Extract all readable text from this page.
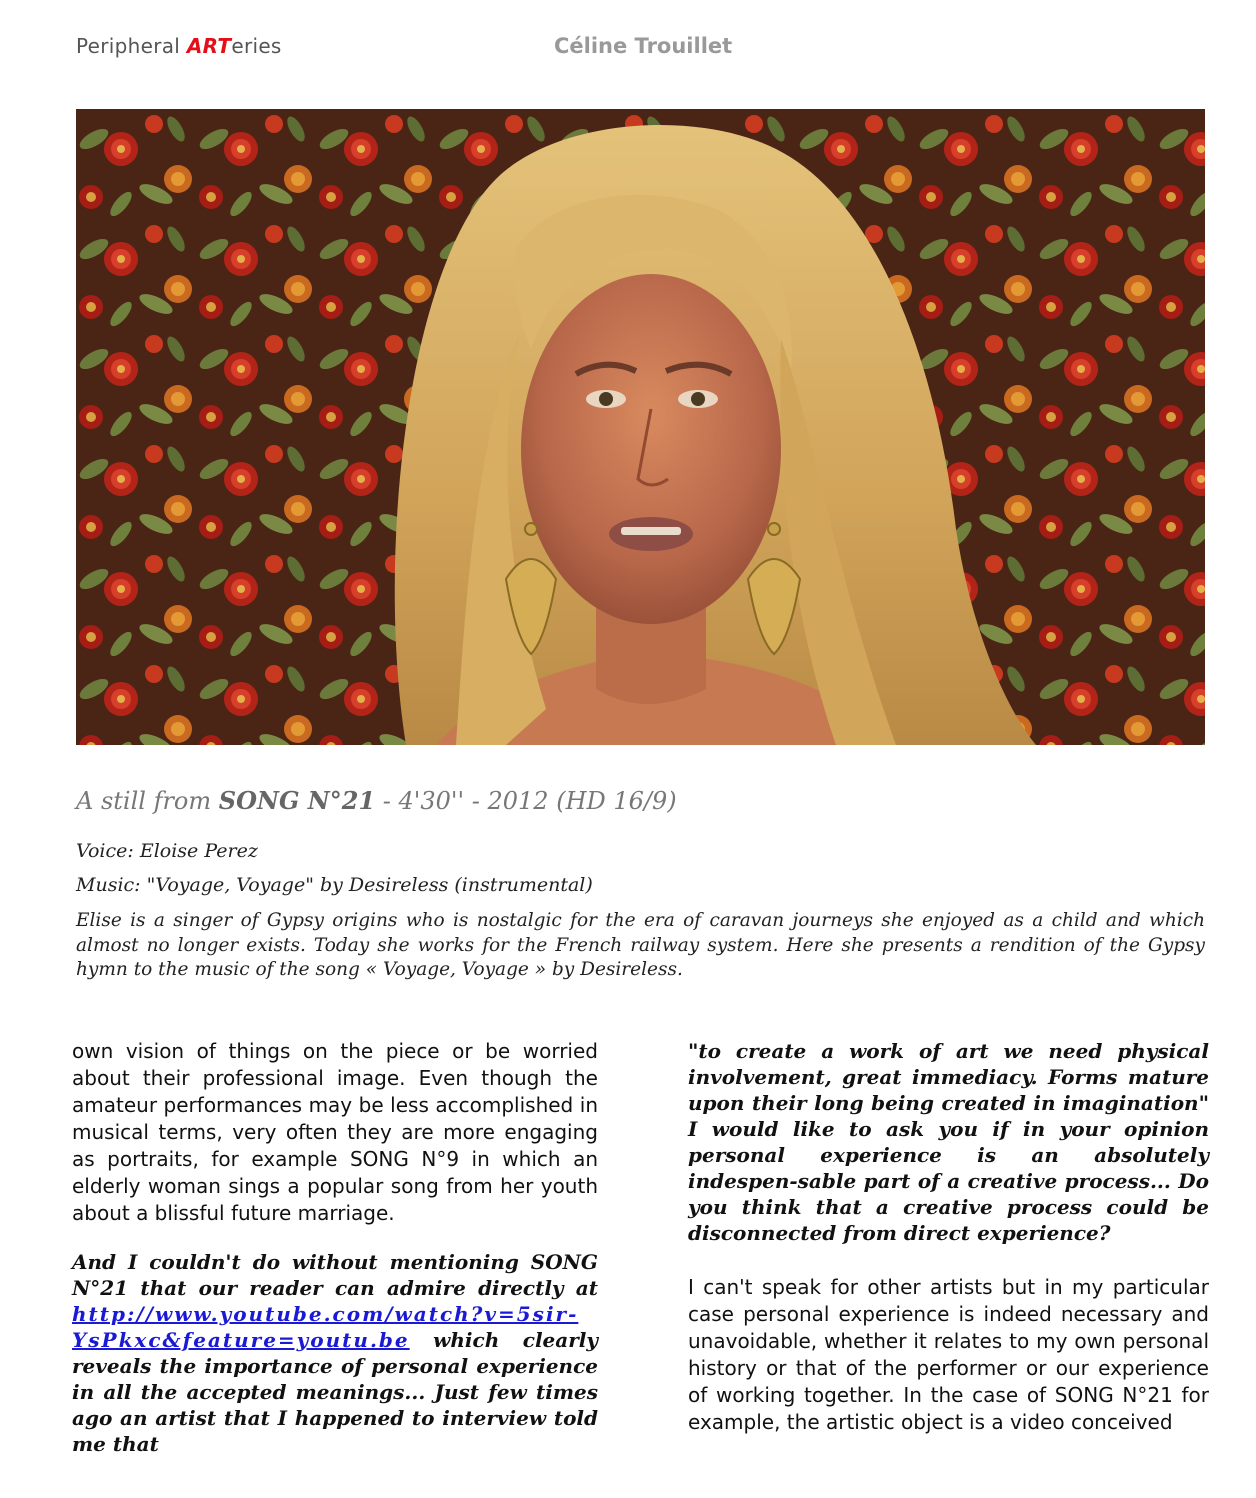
Peripheral ARTeries	Céline Trouillet
A still from SONG N°21 - 4'30'' - 2012 (HD 16/9)
Voice: Eloise Perez
Music: "Voyage, Voyage" by Desireless (instrumental)
Elise is a singer of Gypsy origins who is nostalgic for the era of caravan journeys she enjoyed as a child and which almost no longer exists. Today she works for the French railway system. Here she presents a rendition of the Gypsy hymn to the music of the song « Voyage, Voyage » by Desireless.

own vision of things on the piece or be worried about their professional image. Even though the amateur performances may be less accomplished in musical terms, very often they are more engaging as portraits, for example SONG N°9 in which an elderly woman sings a popular song from her youth about a blissful future marriage.

And I couldn't do without mentioning SONG N°21 that our reader can admire directly at http://www.youtube.com/watch?v=5sir-YsPkxc&feature=youtu.be which clearly reveals the importance of personal experience in all the accepted meanings... Just few times ago an artist that I happened to interview told me that

"to create a work of art we need physical involvement, great immediacy. Forms mature upon their long being created in imagination" I would like to ask you if in your opinion personal experience is an absolutely indespen-sable part of a creative process... Do you think that a creative process could be disconnected from direct experience?

I can't speak for other artists but in my particular case personal experience is indeed necessary and unavoidable, whether it relates to my own personal history or that of the performer or our experience of working together. In the case of SONG N°21 for example, the artistic object is a video conceived
